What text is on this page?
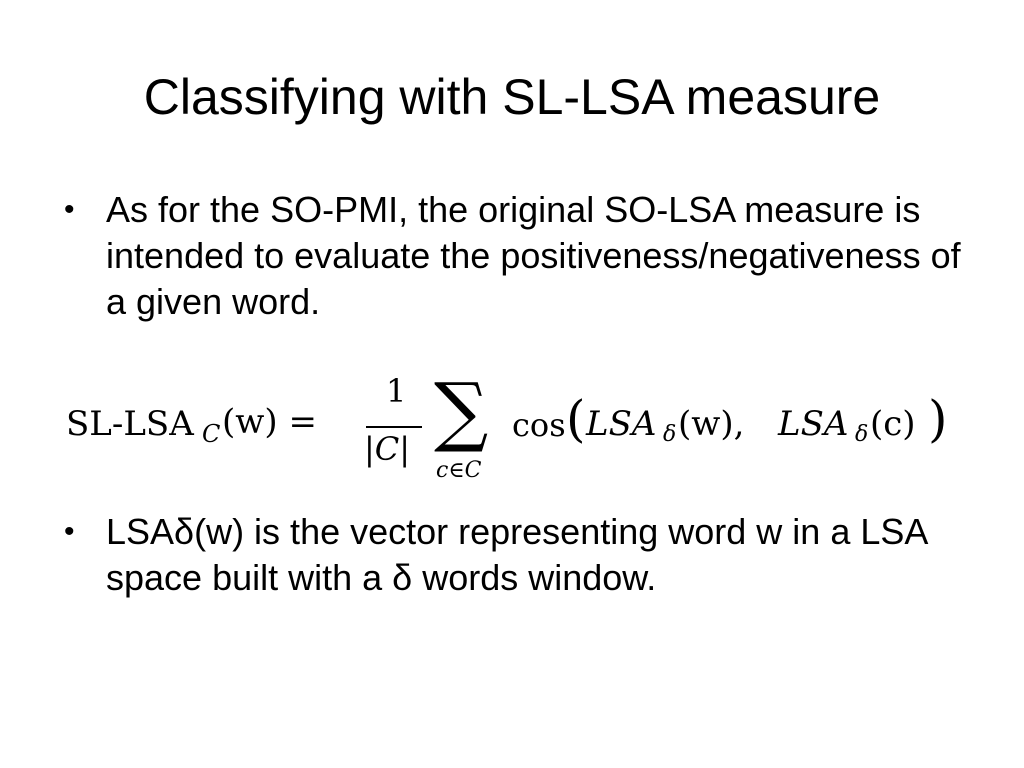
Classifying with SL-LSA measure
• As for the SO-PMI, the original SO-LSA measure is intended to evaluate the positiveness/negativeness of a given word.
SL-LSA C (w) =
1
|C| ∑
c∈C
cos ( LSA δ (w), LSA δ (c) )
• LSAδ(w) is the vector representing word w in a LSA space built with a δ words window.
